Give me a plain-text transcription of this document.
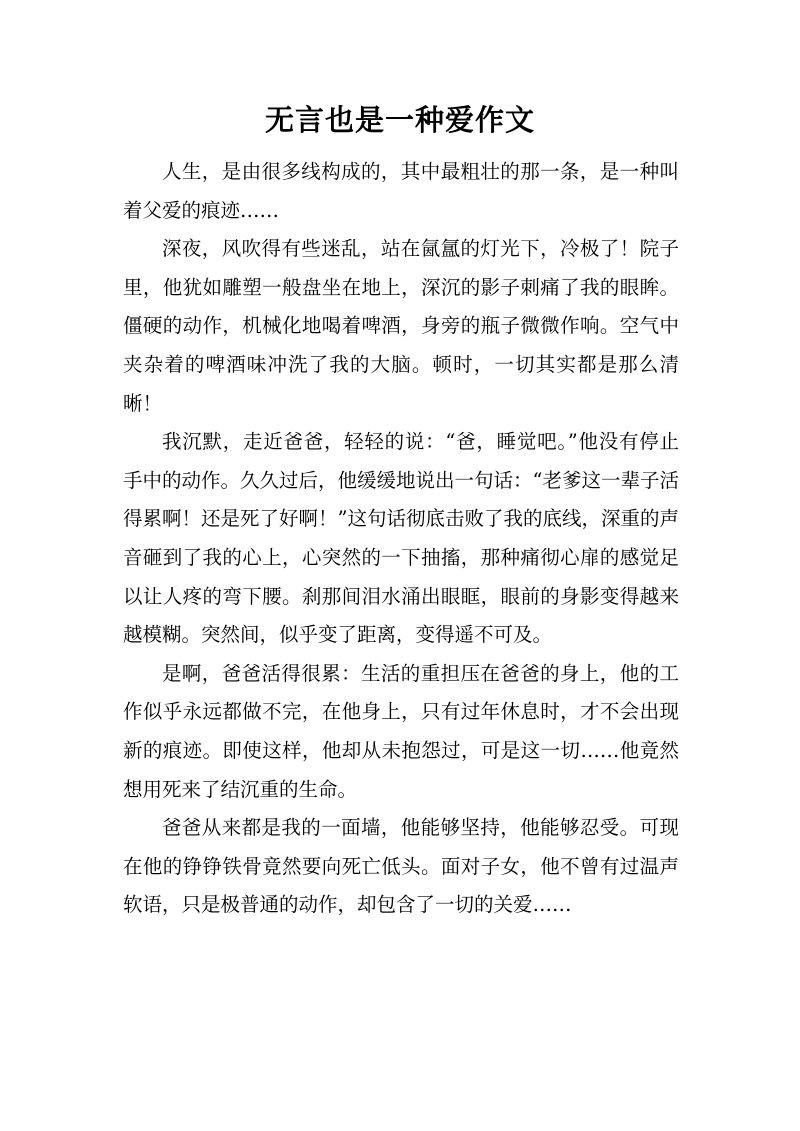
无言也是一种爱作文

人生，是由很多线构成的，其中最粗壮的那一条，是一种叫着父爱的痕迹……

深夜，风吹得有些迷乱，站在氤氲的灯光下，冷极了！院子里，他犹如雕塑一般盘坐在地上，深沉的影子刺痛了我的眼眸。僵硬的动作，机械化地喝着啤酒，身旁的瓶子微微作响。空气中夹杂着的啤酒味冲洗了我的大脑。顿时，一切其实都是那么清晰！

我沉默，走近爸爸，轻轻的说：“爸，睡觉吧。”他没有停止手中的动作。久久过后，他缓缓地说出一句话：“老爹这一辈子活得累啊！还是死了好啊！”这句话彻底击败了我的底线，深重的声音砸到了我的心上，心突然的一下抽搐，那种痛彻心扉的感觉足以让人疼的弯下腰。刹那间泪水涌出眼眶，眼前的身影变得越来越模糊。突然间，似乎变了距离，变得遥不可及。

是啊，爸爸活得很累：生活的重担压在爸爸的身上，他的工作似乎永远都做不完，在他身上，只有过年休息时，才不会出现新的痕迹。即使这样，他却从未抱怨过，可是这一切……他竟然想用死来了结沉重的生命。

爸爸从来都是我的一面墙，他能够坚持，他能够忍受。可现在他的铮铮铁骨竟然要向死亡低头。面对子女，他不曾有过温声软语，只是极普通的动作，却包含了一切的关爱……
